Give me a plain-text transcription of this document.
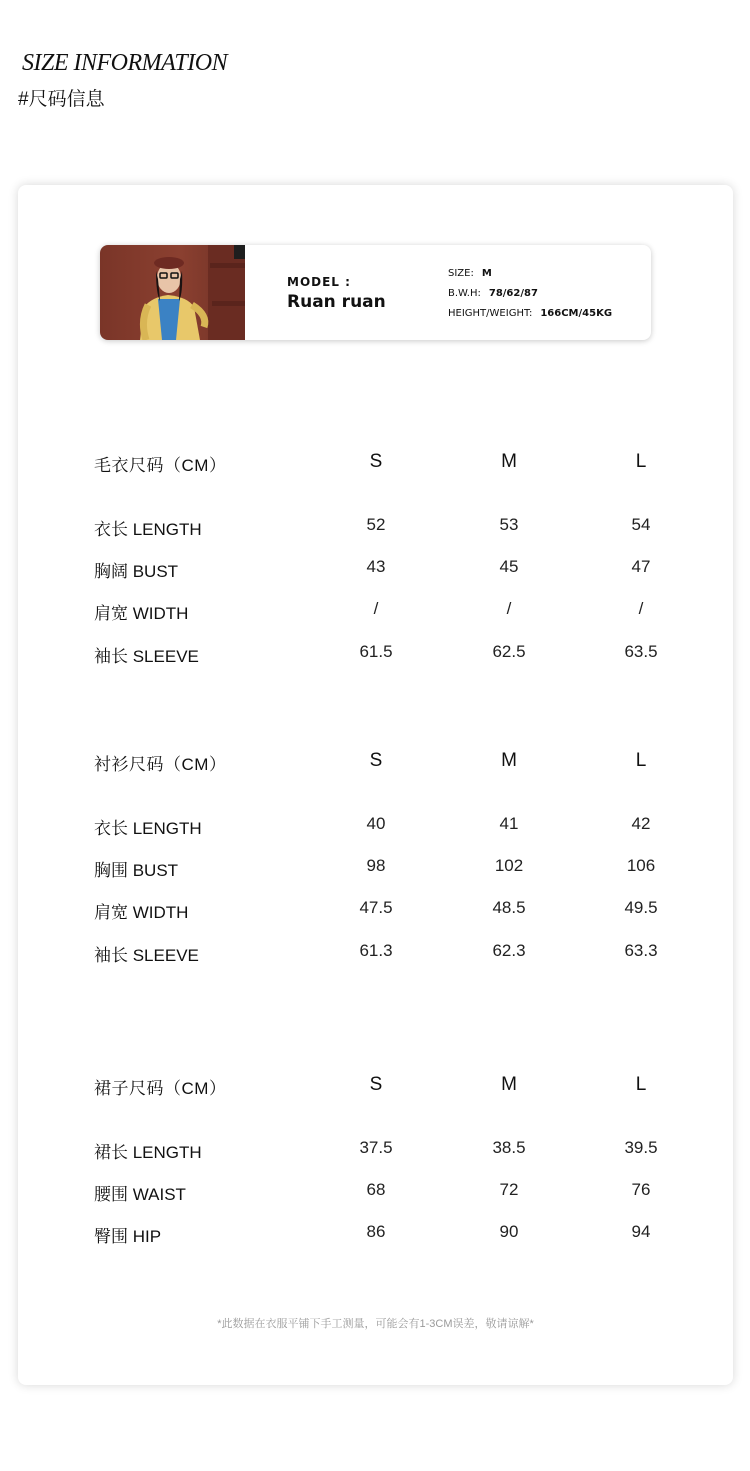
SIZE INFORMATION
#尺码信息
MODEL :
Ruan ruan
SIZE: M
B.W.H: 78/62/87
HEIGHT/WEIGHT: 166CM/45KG
毛衣尺码（CM）	S	M	L
衣长 LENGTH	52	53	54
胸阔 BUST	43	45	47
肩宽 WIDTH	/	/	/
袖长 SLEEVE	61.5	62.5	63.5
衬衫尺码（CM）	S	M	L
衣长 LENGTH	40	41	42
胸围 BUST	98	102	106
肩宽 WIDTH	47.5	48.5	49.5
袖长 SLEEVE	61.3	62.3	63.3
裙子尺码（CM）	S	M	L
裙长 LENGTH	37.5	38.5	39.5
腰围 WAIST	68	72	76
臀围 HIP	86	90	94
*此数据在衣服平铺下手工测量，可能会有1-3CM误差，敬请谅解*
